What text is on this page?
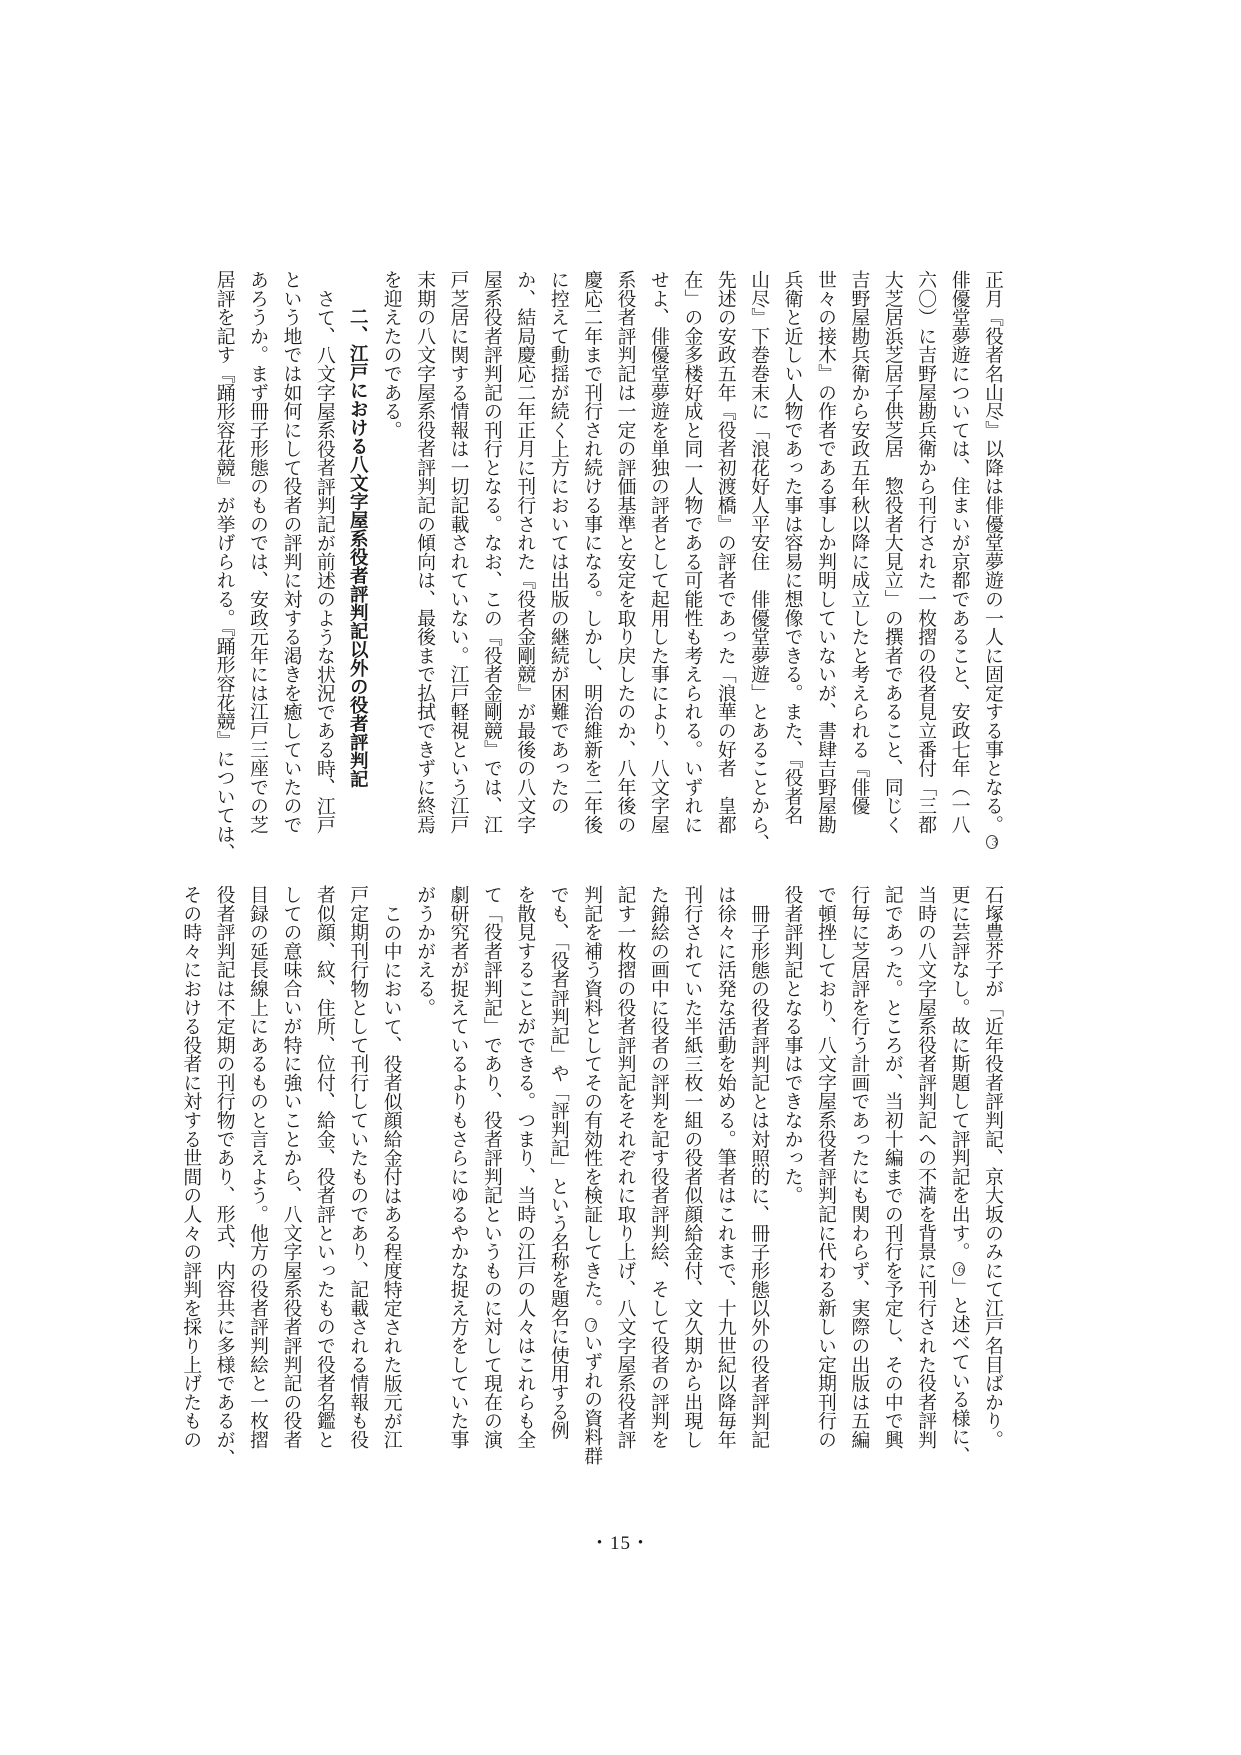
正月『役者名山尽』以降は俳優堂夢遊の一人に固定する事となる。３
俳優堂夢遊については、住まいが京都であること、安政七年（一八
六〇）に吉野屋勘兵衛から刊行された一枚摺の役者見立番付「三都
大芝居浜芝居子供芝居　惣役者大見立」の撰者であること、同じく
吉野屋勘兵衛から安政五年秋以降に成立したと考えられる『俳優
世々の接木』の作者である事しか判明していないが、書肆吉野屋勘
兵衛と近しい人物であった事は容易に想像できる。また、『役者名
山尽』下巻巻末に「浪花好人平安住　俳優堂夢遊」とあることから、
先述の安政五年『役者初渡橋』の評者であった「浪華の好者　皇都
在」の金多楼好成と同一人物である可能性も考えられる。いずれに
せよ、俳優堂夢遊を単独の評者として起用した事により、八文字屋
系役者評判記は一定の評価基準と安定を取り戻したのか、八年後の
慶応二年まで刊行され続ける事になる。しかし、明治維新を二年後
に控えて動揺が続く上方においては出版の継続が困難であったの
か、結局慶応二年正月に刊行された『役者金剛競』が最後の八文字
屋系役者評判記の刊行となる。なお、この『役者金剛競』では、江
戸芝居に関する情報は一切記載されていない。江戸軽視という江戸
末期の八文字屋系役者評判記の傾向は、最後まで払拭できずに終焉
を迎えたのである。
二、江戸における八文字屋系役者評判記以外の役者評判記
さて、八文字屋系役者評判記が前述のような状況である時、江戸
という地では如何にして役者の評判に対する渇きを癒していたので
あろうか。まず冊子形態のものでは、安政元年には江戸三座での芝
居評を記す『踊形容花競』が挙げられる。『踊形容花競』については、
石塚豊芥子が「近年役者評判記、京大坂のみにて江戸名目ばかり。
更に芸評なし。故に斯題して評判記を出す。６」と述べている様に、
当時の八文字屋系役者評判記への不満を背景に刊行された役者評判
記であった。ところが、当初十編までの刊行を予定し、その中で興
行毎に芝居評を行う計画であったにも関わらず、実際の出版は五編
で頓挫しており、八文字屋系役者評判記に代わる新しい定期刊行の
役者評判記となる事はできなかった。
冊子形態の役者評判記とは対照的に、冊子形態以外の役者評判記
は徐々に活発な活動を始める。筆者はこれまで、十九世紀以降毎年
刊行されていた半紙三枚一組の役者似顔給金付、文久期から出現し
た錦絵の画中に役者の評判を記す役者評判絵、そして役者の評判を
記す一枚摺の役者評判記をそれぞれに取り上げ、八文字屋系役者評
判記を補う資料としてその有効性を検証してきた。７いずれの資料群
でも、「役者評判記」や「評判記」という名称を題名に使用する例
を散見することができる。つまり、当時の江戸の人々はこれらも全
て「役者評判記」であり、役者評判記というものに対して現在の演
劇研究者が捉えているよりもさらにゆるやかな捉え方をしていた事
がうかがえる。
この中において、役者似顔給金付はある程度特定された版元が江
戸定期刊行物として刊行していたものであり、記載される情報も役
者似顔、紋、住所、位付、給金、役者評といったもので役者名鑑と
しての意味合いが特に強いことから、八文字屋系役者評判記の役者
目録の延長線上にあるものと言えよう。他方の役者評判絵と一枚摺
役者評判記は不定期の刊行物であり、形式、内容共に多様であるが、
その時々における役者に対する世間の人々の評判を採り上げたもの
・15・
